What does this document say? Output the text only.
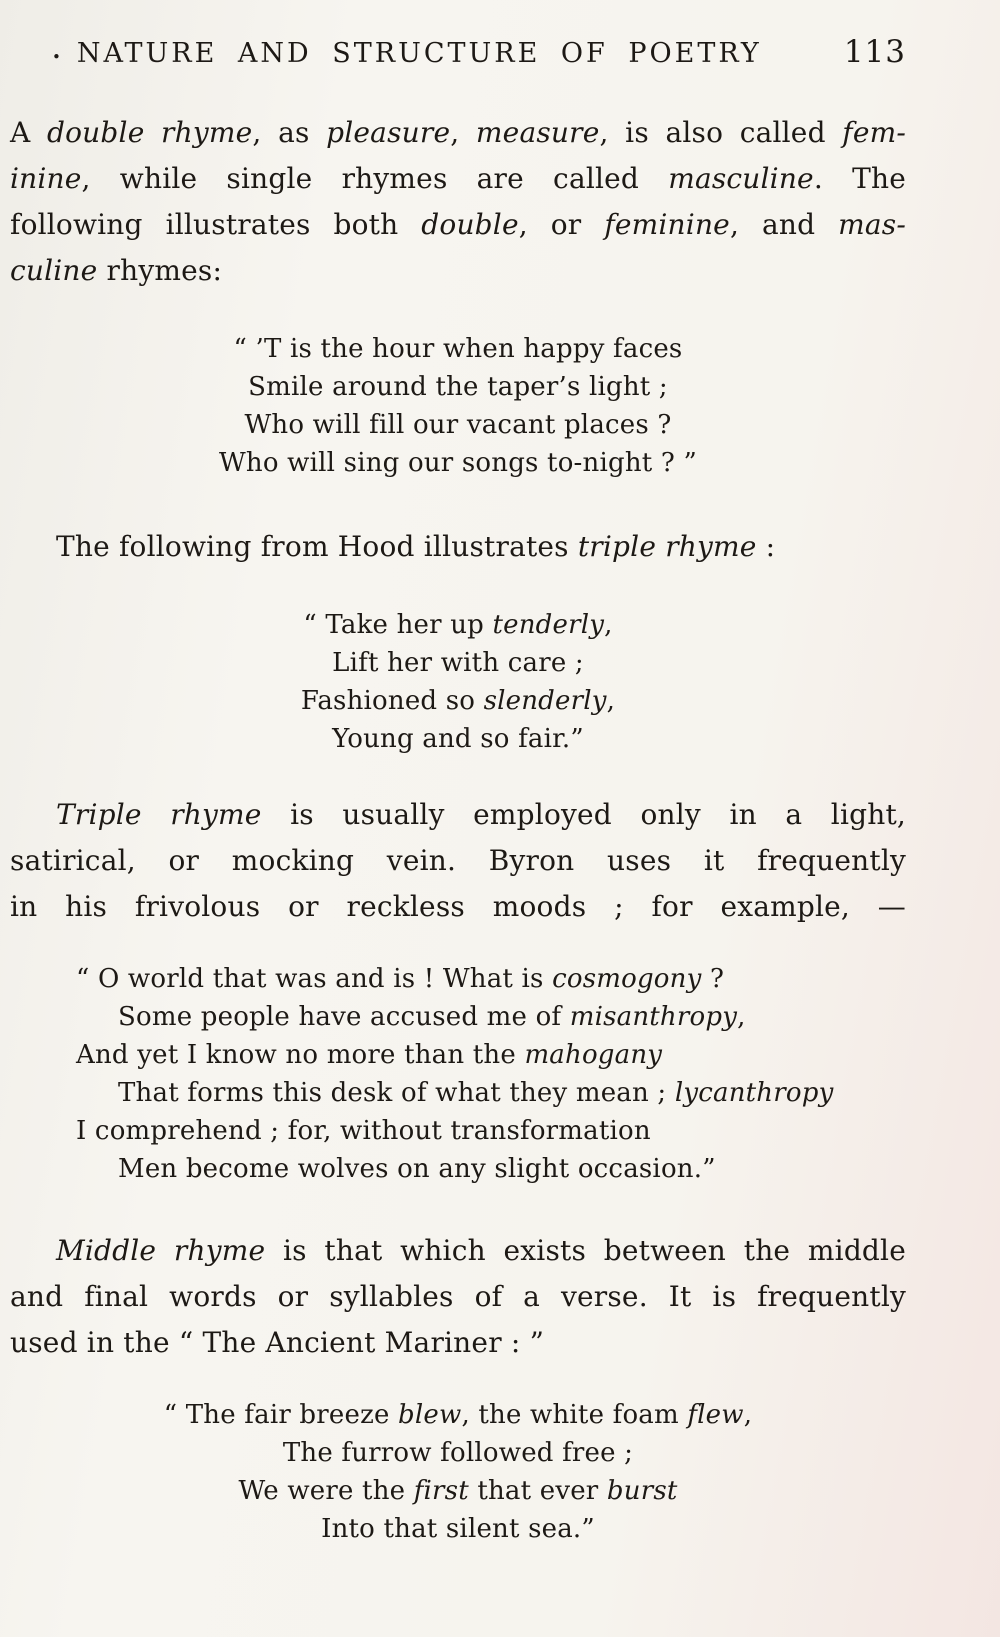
• NATURE AND STRUCTURE OF POETRY	113
A double rhyme, as pleasure, measure, is also called fem-
inine, while single rhymes are called masculine. The
following illustrates both double, or feminine, and mas-
culine rhymes:
“ ’T is the hour when happy faces
Smile around the taper’s light ;
Who will fill our vacant places ?
Who will sing our songs to-night ? ”
The following from Hood illustrates triple rhyme :
“ Take her up tenderly,
Lift her with care ;
Fashioned so slenderly,
Young and so fair.”
Triple rhyme is usually employed only in a light,
satirical, or mocking vein. Byron uses it frequently
in his frivolous or reckless moods ; for example, —
“ O world that was and is ! What is cosmogony ?
Some people have accused me of misanthropy,
And yet I know no more than the mahogany
That forms this desk of what they mean ; lycanthropy
I comprehend ; for, without transformation
Men become wolves on any slight occasion.”
Middle rhyme is that which exists between the middle
and final words or syllables of a verse. It is frequently
used in the “ The Ancient Mariner : ”
“ The fair breeze blew, the white foam flew,
The furrow followed free ;
We were the first that ever burst
Into that silent sea.”
